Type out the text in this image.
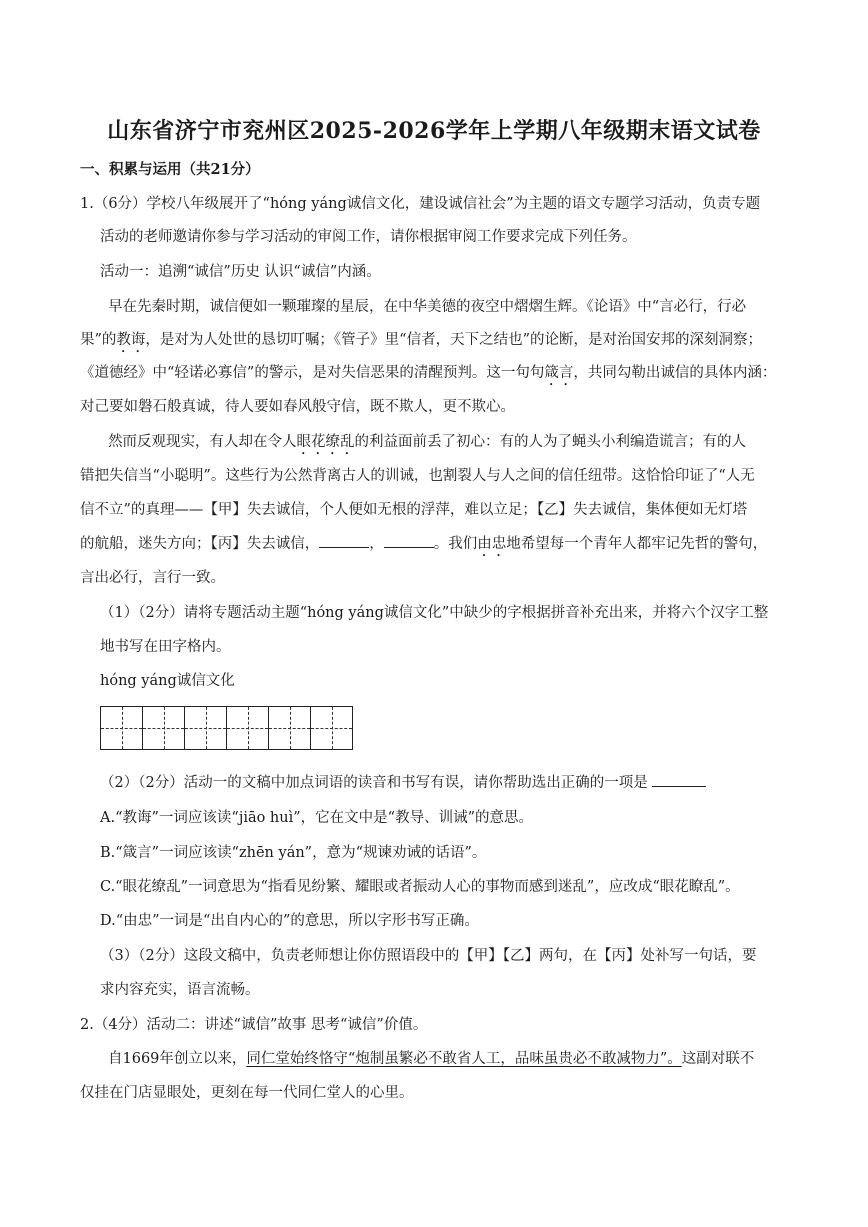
山东省济宁市兖州区2025-2026学年上学期八年级期末语文试卷
一、积累与运用（共21分）
1.（6分）学校八年级展开了“hóng yáng诚信文化，建设诚信社会”为主题的语文专题学习活动，负责专题
活动的老师邀请你参与学习活动的审阅工作，请你根据审阅工作要求完成下列任务。
活动一：追溯“诚信”历史 认识“诚信”内涵。
早在先秦时期，诚信便如一颗璀璨的星辰，在中华美德的夜空中熠熠生辉。《论语》中“言必行，行必
果”的教诲，是对为人处世的恳切叮嘱；《管子》里“信者，天下之结也”的论断，是对治国安邦的深刻洞察；
《道德经》中“轻诺必寡信”的警示，是对失信恶果的清醒预判。这一句句箴言，共同勾勒出诚信的具体内涵：
对己要如磐石般真诚，待人要如春风般守信，既不欺人，更不欺心。
然而反观现实，有人却在令人眼花缭乱的利益面前丢了初心：有的人为了蝇头小利编造谎言；有的人
错把失信当“小聪明”。这些行为公然背离古人的训诫，也割裂人与人之间的信任纽带。这恰恰印证了“人无
信不立”的真理——【甲】失去诚信，个人便如无根的浮萍，难以立足；【乙】失去诚信，集体便如无灯塔
的航船，迷失方向；【丙】失去诚信，	，	。我们由忠地希望每一个青年人都牢记先哲的警句，
言出必行，言行一致。
（1）（2分）请将专题活动主题“hóng yáng诚信文化”中缺少的字根据拼音补充出来，并将六个汉字工整
地书写在田字格内。
hóng yáng诚信文化
（2）（2分）活动一的文稿中加点词语的读音和书写有误，请你帮助选出正确的一项是
A.“教诲”一词应该读“jiāo huì”，它在文中是“教导、训诫”的意思。
B.“箴言”一词应该读“zhēn yán”，意为“规谏劝诫的话语”。
C.“眼花缭乱”一词意思为“指看见纷繁、耀眼或者振动人心的事物而感到迷乱”，应改成“眼花瞭乱”。
D.“由忠”一词是“出自内心的”的意思，所以字形书写正确。
（3）（2分）这段文稿中，负责老师想让你仿照语段中的【甲】【乙】两句，在【丙】处补写一句话，要
求内容充实，语言流畅。
2.（4分）活动二：讲述“诚信”故事 思考“诚信”价值。
自1669年创立以来，同仁堂始终恪守“炮制虽繁必不敢省人工，品味虽贵必不敢减物力”。这副对联不
仅挂在门店显眼处，更刻在每一代同仁堂人的心里。
